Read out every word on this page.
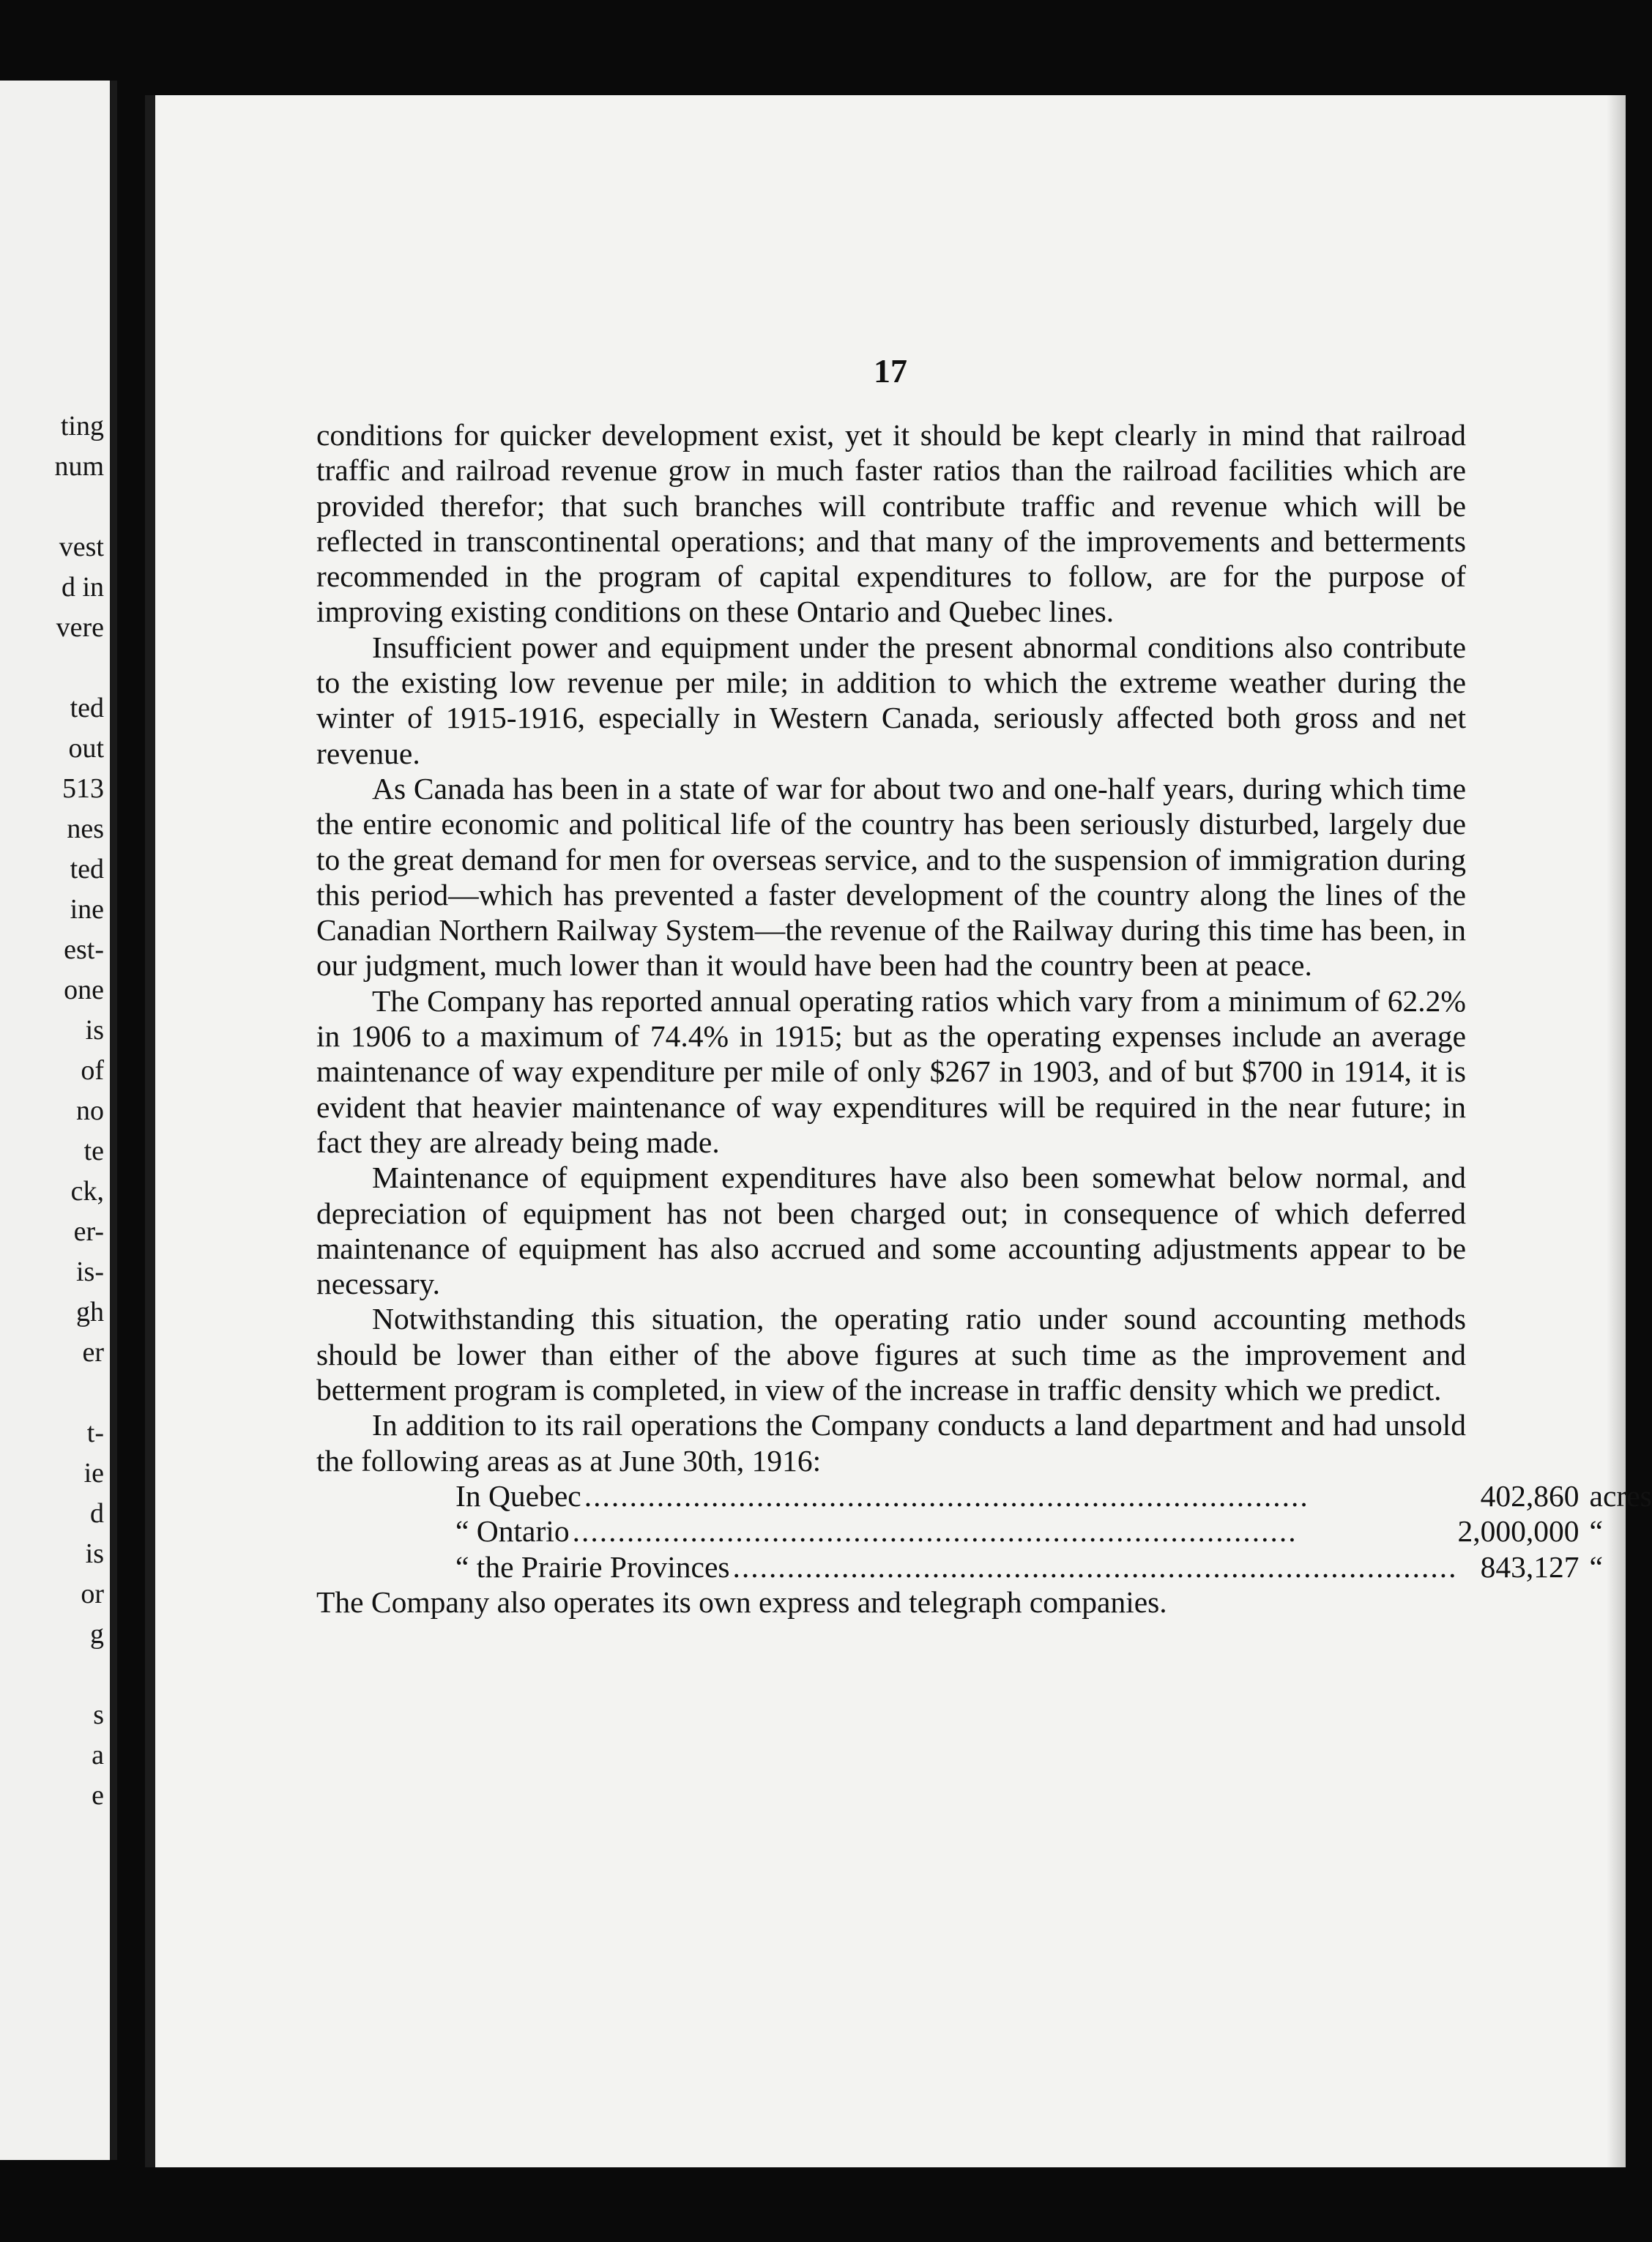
ting
num
vest
d in
vere
ted
out
513
nes
ted
ine
est-
one
is
of
no
te
ck,
er-
is-
gh
er
t-
ie
d
is
or
g
s
a
e
17

conditions for quicker development exist, yet it should be kept clearly in mind that railroad traffic and railroad revenue grow in much faster ratios than the railroad facilities which are provided therefor; that such branches will contribute traffic and revenue which will be reflected in transcontinental operations; and that many of the improvements and betterments recommended in the program of capital expenditures to follow, are for the purpose of improving existing conditions on these Ontario and Quebec lines.

Insufficient power and equipment under the present abnormal conditions also contribute to the existing low revenue per mile; in addition to which the extreme weather during the winter of 1915-1916, especially in Western Canada, seriously affected both gross and net revenue.

As Canada has been in a state of war for about two and one-half years, during which time the entire economic and political life of the country has been seriously disturbed, largely due to the great demand for men for overseas service, and to the suspension of immigration during this period—which has prevented a faster development of the country along the lines of the Canadian Northern Railway System—the revenue of the Railway during this time has been, in our judgment, much lower than it would have been had the country been at peace.

The Company has reported annual operating ratios which vary from a minimum of 62.2% in 1906 to a maximum of 74.4% in 1915; but as the operating expenses include an average maintenance of way expenditure per mile of only $267 in 1903, and of but $700 in 1914, it is evident that heavier maintenance of way expenditures will be required in the near future; in fact they are already being made.

Maintenance of equipment expenditures have also been somewhat below normal, and depreciation of equipment has not been charged out; in consequence of which deferred maintenance of equipment has also accrued and some accounting adjustments appear to be necessary.

Notwithstanding this situation, the operating ratio under sound accounting methods should be lower than either of the above figures at such time as the improvement and betterment program is completed, in view of the increase in traffic density which we predict.

In addition to its rail operations the Company conducts a land department and had unsold the following areas as at June 30th, 1916:

In Quebec................................................................................	402,860	acres
“ Ontario................................................................................	2,000,000	“
“ the Prairie Provinces................................................................................	843,127	“

The Company also operates its own express and telegraph companies.
